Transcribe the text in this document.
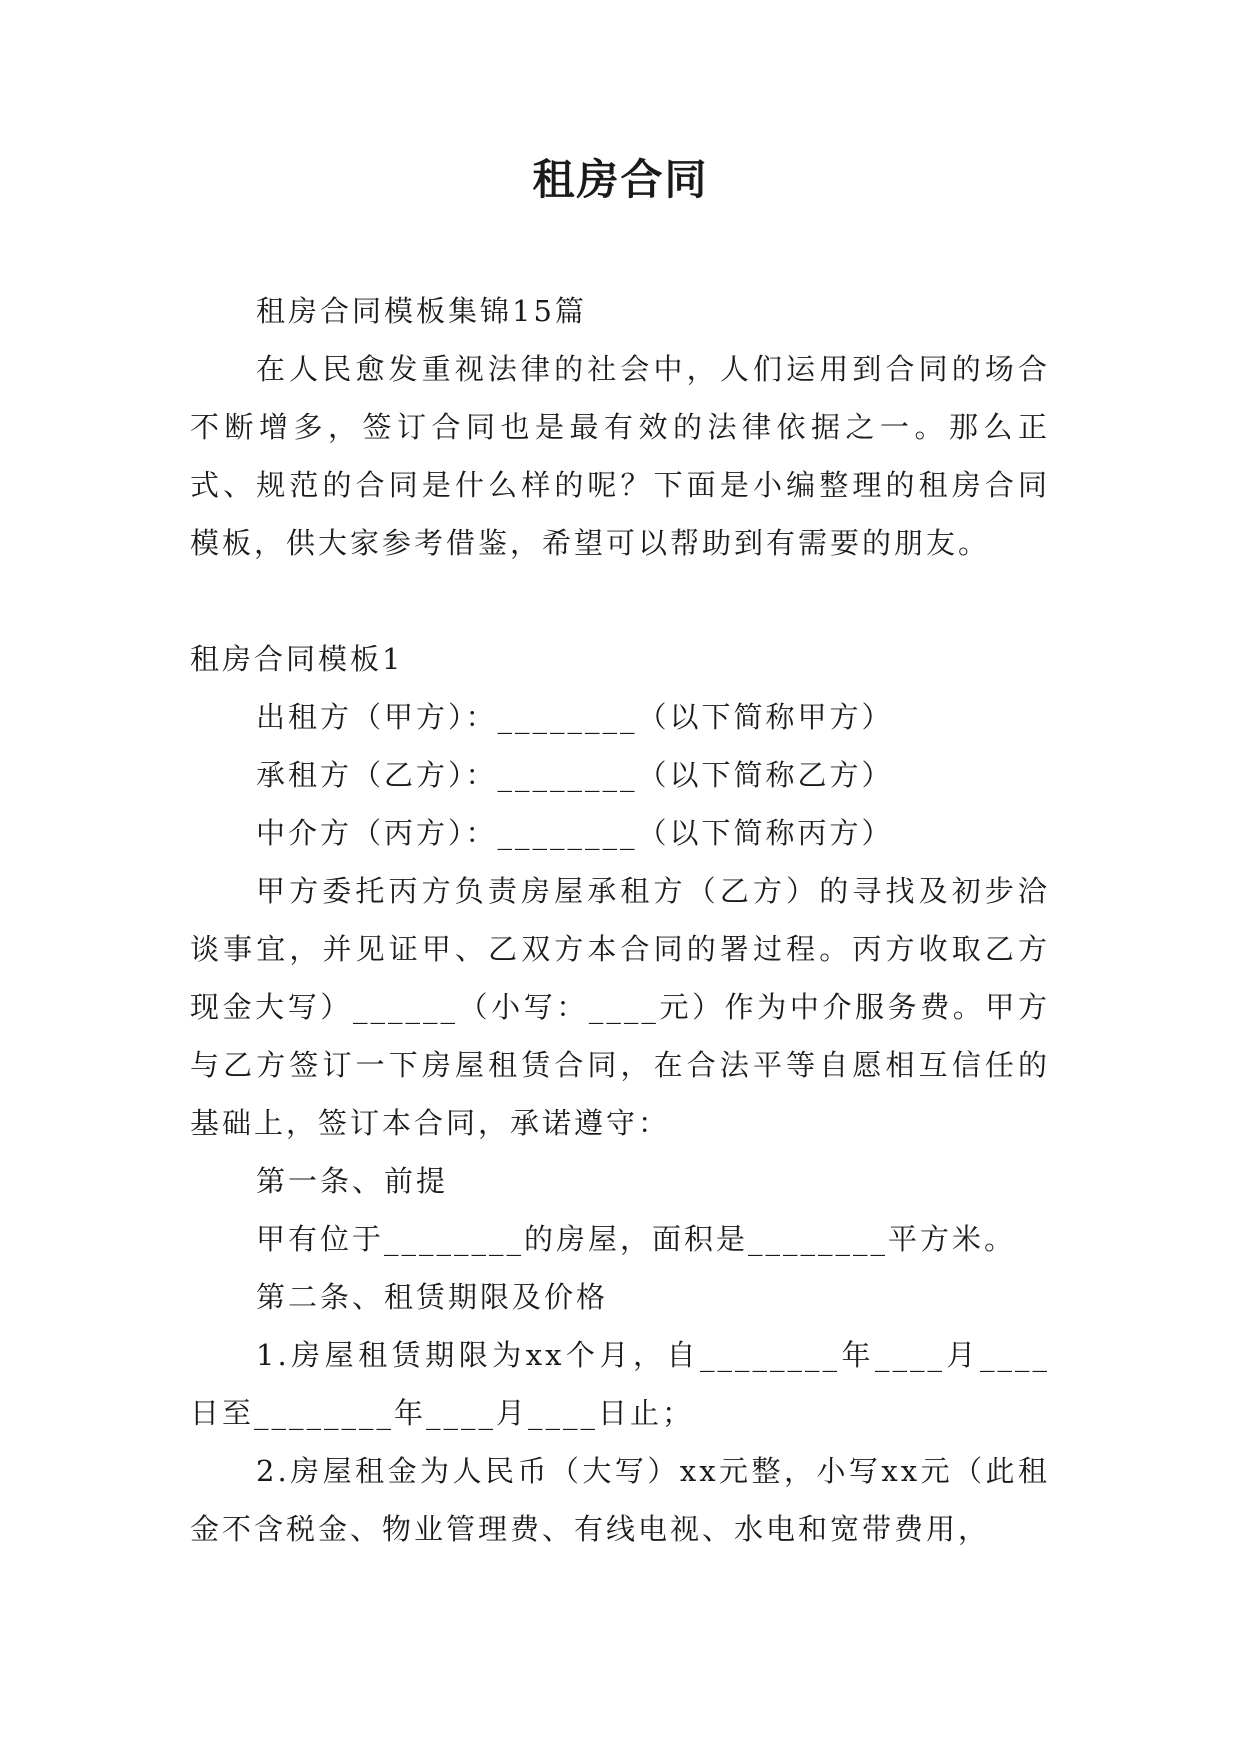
租房合同

租房合同模板集锦15篇

在人民愈发重视法律的社会中，人们运用到合同的场合不断增多，签订合同也是最有效的法律依据之一。那么正式、规范的合同是什么样的呢？下面是小编整理的租房合同模板，供大家参考借鉴，希望可以帮助到有需要的朋友。

租房合同模板1

出租方（甲方）：________（以下简称甲方）

承租方（乙方）：________（以下简称乙方）

中介方（丙方）：________（以下简称丙方）

甲方委托丙方负责房屋承租方（乙方）的寻找及初步洽谈事宜，并见证甲、乙双方本合同的署过程。丙方收取乙方现金大写）______（小写：____元）作为中介服务费。甲方与乙方签订一下房屋租赁合同，在合法平等自愿相互信任的基础上，签订本合同，承诺遵守：

第一条、前提

甲有位于________的房屋，面积是________平方米。

第二条、租赁期限及价格

1.房屋租赁期限为xx个月，自________年____月____日至________年____月____日止；

2.房屋租金为人民币（大写）xx元整，小写xx元（此租金不含税金、物业管理费、有线电视、水电和宽带费用，
